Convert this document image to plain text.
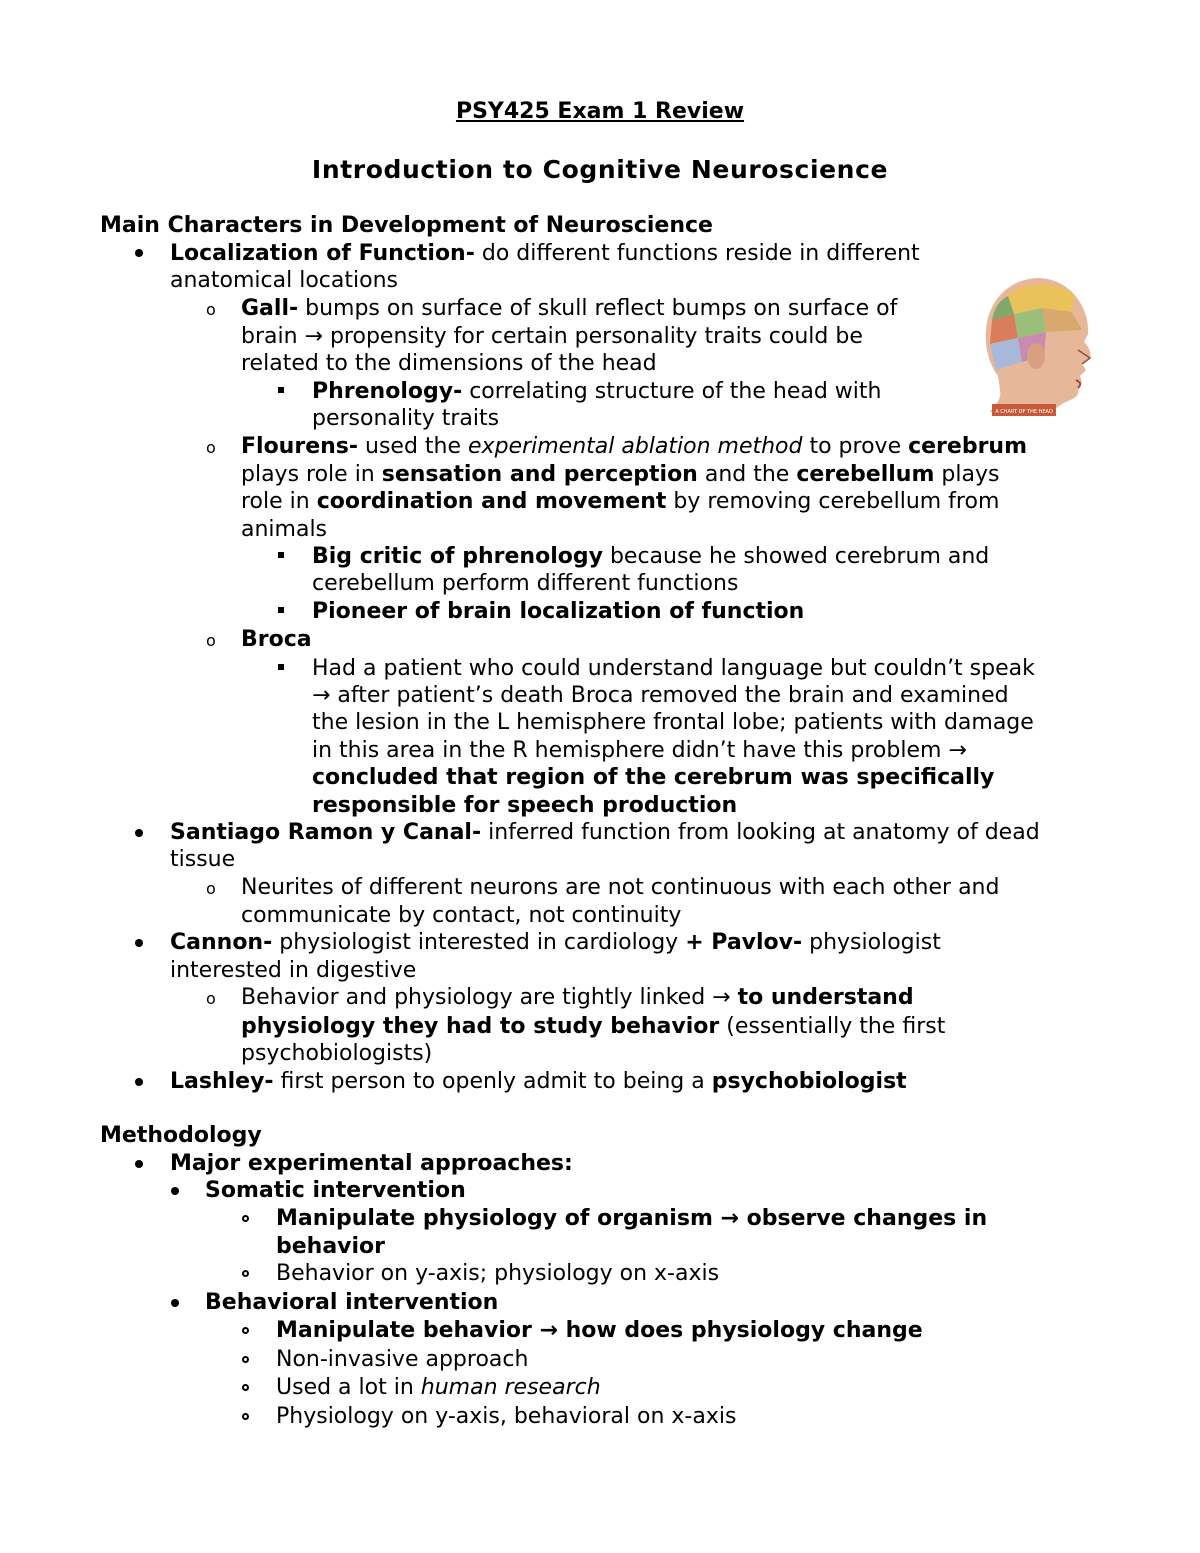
PSY425 Exam 1 Review
Introduction to Cognitive Neuroscience
A CHART OF THE HEAD
Main Characters in Development of Neuroscience
Localization of Function- do different functions reside in different
anatomical locations
o Gall- bumps on surface of skull reflect bumps on surface of
brain → propensity for certain personality traits could be
related to the dimensions of the head
Phrenology- correlating structure of the head with
personality traits
o Flourens- used the experimental ablation method to prove cerebrum
plays role in sensation and perception and the cerebellum plays
role in coordination and movement by removing cerebellum from
animals
Big critic of phrenology because he showed cerebrum and
cerebellum perform different functions
Pioneer of brain localization of function
o Broca
Had a patient who could understand language but couldn’t speak
→ after patient’s death Broca removed the brain and examined
the lesion in the L hemisphere frontal lobe; patients with damage
in this area in the R hemisphere didn’t have this problem →
concluded that region of the cerebrum was specifically
responsible for speech production
Santiago Ramon y Canal- inferred function from looking at anatomy of dead
tissue
o Neurites of different neurons are not continuous with each other and
communicate by contact, not continuity
Cannon- physiologist interested in cardiology + Pavlov- physiologist
interested in digestive
o Behavior and physiology are tightly linked → to understand
physiology they had to study behavior (essentially the first
psychobiologists)
Lashley- first person to openly admit to being a psychobiologist
Methodology
Major experimental approaches:
Somatic intervention
Manipulate physiology of organism → observe changes in
behavior
Behavior on y-axis; physiology on x-axis
Behavioral intervention
Manipulate behavior → how does physiology change
Non-invasive approach
Used a lot in human research
Physiology on y-axis, behavioral on x-axis
